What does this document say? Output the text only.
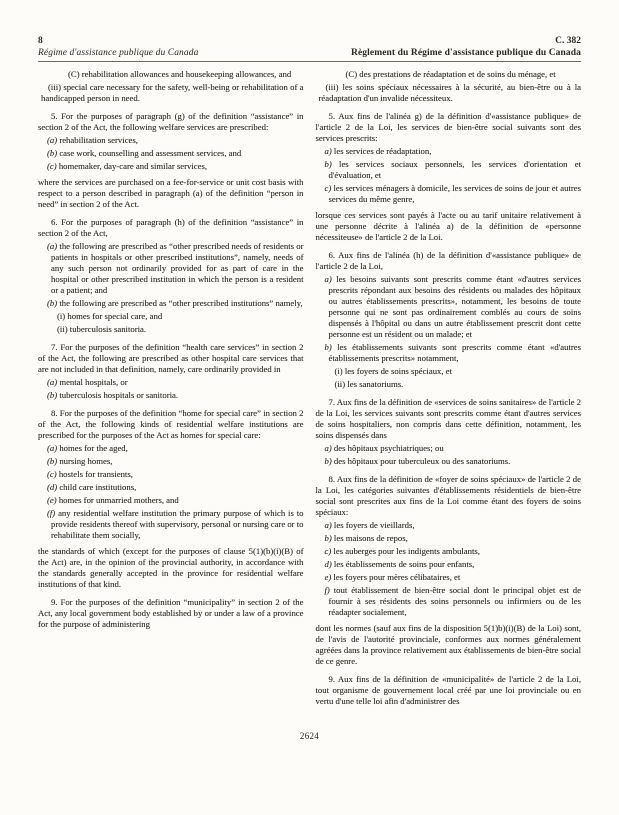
8
Régime d'assistance publique du Canada
C. 382
Règlement du Régime d'assistance publique du Canada
(C) rehabilitation allowances and housekeeping allowances, and
(iii) special care necessary for the safety, well-being or rehabilitation of a handicapped person in need.
5. For the purposes of paragraph (g) of the definition “assistance” in section 2 of the Act, the following welfare services are prescribed:
(a) rehabilitation services,
(b) case work, counselling and assessment services, and
(c) homemaker, day-care and similar services,
where the services are purchased on a fee-for-service or unit cost basis with respect to a person described in paragraph (a) of the definition “person in need” in section 2 of the Act.
6. For the purposes of paragraph (h) of the definition “assistance” in section 2 of the Act,
(a) the following are prescribed as “other prescribed needs of residents or patients in hospitals or other prescribed institutions”, namely, needs of any such person not ordinarily provided for as part of care in the hospital or other prescribed institution in which the person is a resident or a patient; and
(b) the following are prescribed as “other prescribed institutions” namely,
(i) homes for special care, and
(ii) tuberculosis sanitoria.
7. For the purposes of the definition “health care services” in section 2 of the Act, the following are prescribed as other hospital care services that are not included in that definition, namely, care ordinarily provided in
(a) mental hospitals, or
(b) tuberculosis hospitals or sanitoria.
8. For the purposes of the definition “home for special care” in section 2 of the Act, the following kinds of residential welfare institutions are prescribed for the purposes of the Act as homes for special care:
(a) homes for the aged,
(b) nursing homes,
(c) hostels for transients,
(d) child care institutions,
(e) homes for unmarried mothers, and
(f) any residential welfare institution the primary purpose of which is to provide residents thereof with supervisory, personal or nursing care or to rehabilitate them socially,
the standards of which (except for the purposes of clause 5(1)(b)(i)(B) of the Act) are, in the opinion of the provincial authority, in accordance with the standards generally accepted in the province for residential welfare institutions of that kind.
9. For the purposes of the definition “municipality” in section 2 of the Act, any local government body established by or under a law of a province for the purpose of administering
(C) des prestations de réadaptation et de soins du ménage, et
(iii) les soins spéciaux nécessaires à la sécurité, au bien-être ou à la réadaptation d'un invalide nécessiteux.
5. Aux fins de l'alinéa g) de la définition d'«assistance publique» de l'article 2 de la Loi, les services de bien-être social suivants sont des services prescrits:
a) les services de réadaptation,
b) les services sociaux personnels, les services d'orientation et d'évaluation, et
c) les services ménagers à domicile, les services de soins de jour et autres services du même genre,
lorsque ces services sont payés à l'acte ou au tarif unitaire relativement à une personne décrite à l'alinéa a) de la définition de «personne nécessiteuse» de l'article 2 de la Loi.
6. Aux fins de l'alinéa (h) de la définition d'«assistance publique» de l'article 2 de la Loi,
a) les besoins suivants sont prescrits comme étant «d'autres services prescrits répondant aux besoins des résidents ou malades des hôpitaux ou autres établissements prescrits», notamment, les besoins de toute personne qui ne sont pas ordinairement comblés au cours de soins dispensés à l'hôpital ou dans un autre établissement prescrit dont cette personne est un résident ou un malade; et
b) les établissements suivants sont prescrits comme étant «d'autres établissements prescrits» notamment,
(i) les foyers de soins spéciaux, et
(ii) les sanatoriums.
7. Aux fins de la définition de «services de soins sanitaires» de l'article 2 de la Loi, les services suivants sont prescrits comme étant d'autres services de soins hospitaliers, non compris dans cette définition, notamment, les soins dispensés dans
a) des hôpitaux psychiatriques; ou
b) des hôpitaux pour tuberculeux ou des sanatoriums.
8. Aux fins de la définition de «foyer de soins spéciaux» de l'article 2 de la Loi, les catégories suivantes d'établissements résidentiels de bien-être social sont prescrites aux fins de la Loi comme étant des foyers de soins spéciaux:
a) les foyers de vieillards,
b) les maisons de repos,
c) les auberges pour les indigents ambulants,
d) les établissements de soins pour enfants,
e) les foyers pour mères célibataires, et
f) tout établissement de bien-être social dont le principal objet est de fournir à ses résidents des soins personnels ou infirmiers ou de les réadapter socialement,
dont les normes (sauf aux fins de la disposition 5(1)b)(i)(B) de la Loi) sont, de l'avis de l'autorité provinciale, conformes aux normes généralement agréées dans la province relativement aux établissements de bien-être social de ce genre.
9. Aux fins de la définition de «municipalité» de l'article 2 de la Loi, tout organisme de gouvernement local créé par une loi provinciale ou en vertu d'une telle loi afin d'administrer des
2624
